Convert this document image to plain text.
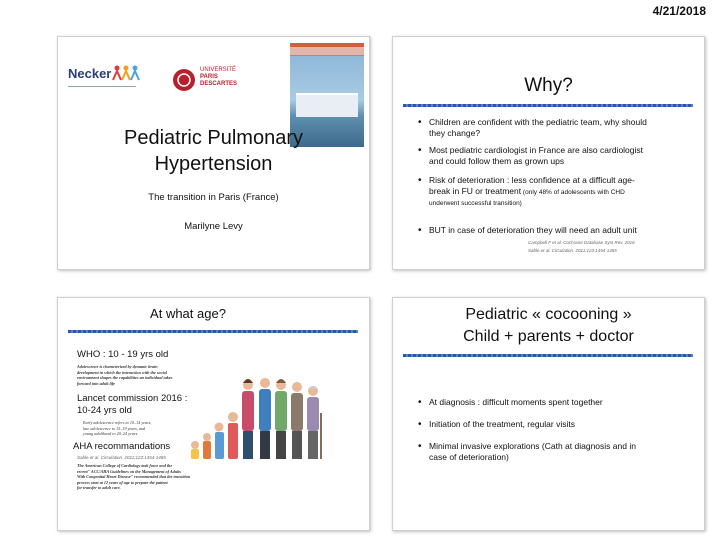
4/21/2018
Necker	UNIVERSITÉ
PARIS
DESCARTES
Pediatric Pulmonary
Hypertension
The transition in Paris (France)
Marilyne Levy
Why?
• Children are confident with the pediatric team, why should
they change?
• Most pediatric cardiologist in France are also cardiologist
and could follow them as grown ups
• Risk of deterioration : less confidence at a difficult age-
break in FU or treatment (only 48% of adolescents with CHD
underwent successful transition)
• BUT in case of deterioration they will need an adult unit
Campbell F et al. Cochrane Database Syst Rev. 2016
Sable et al. Circulation. 2011;123:1454-1485
At what age?
WHO : 10 - 19 yrs old
Adolescence is characterized by dynamic brain
development in which the interaction with the social
environment shapes the capabilities an individual takes
forward into adult life
Lancet commission 2016 :
10-24 yrs old
Early adolescence refers to 10–14 years,
late adolescence to 15–19 years, and
young adulthood to 20–24 years.
AHA recommandations
Sable et al. Circulation. 2011;123:1454-1485
The American College of Cardiology task force and the
recent" ACC/AHA Guidelines on the Management of Adults
With Congenital Heart Disease" recommended that the transition
process start at 12 years of age to prepare the patient
for transfer to adult care.
Pediatric « cocooning »
Child + parents + doctor
• At diagnosis : difficult moments spent together
• Initiation of the treatment, regular visits
• Minimal invasive explorations (Cath at diagnosis and in
case of deterioration)
